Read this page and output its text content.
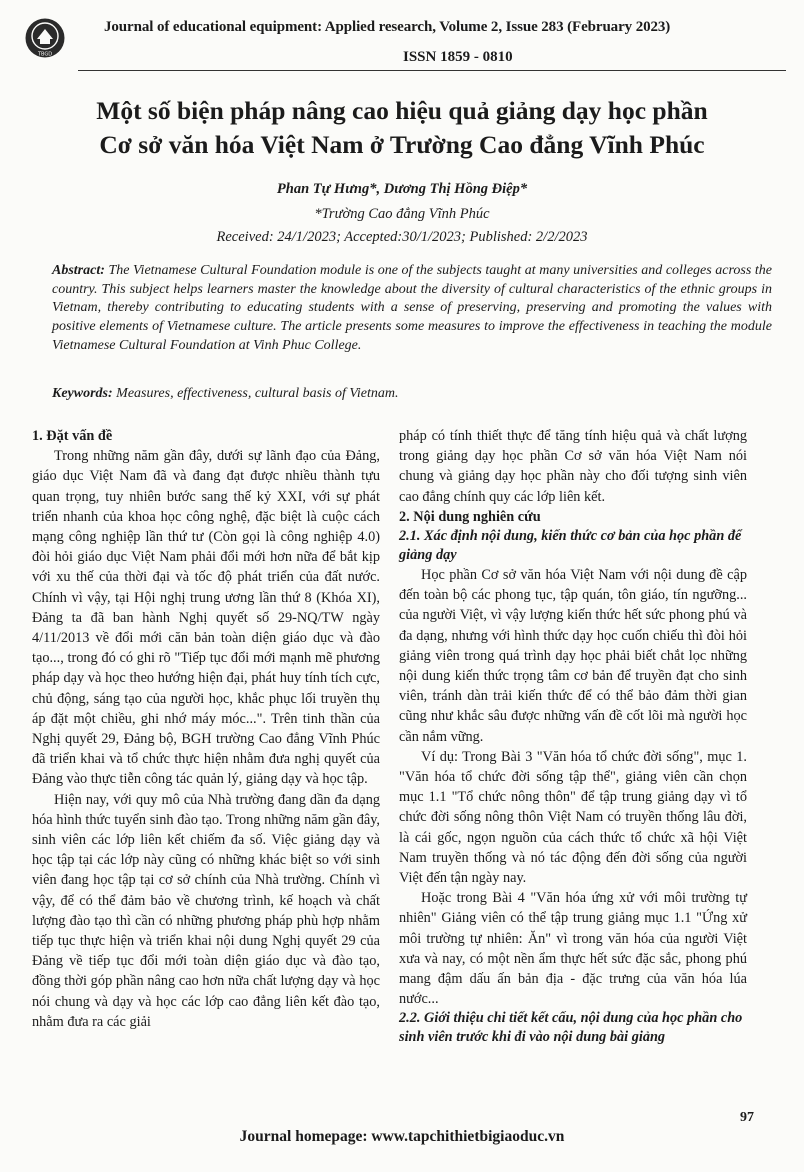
TBGD
Journal of educational equipment: Applied research, Volume 2, Issue 283 (February 2023)
ISSN 1859 - 0810
Một số biện pháp nâng cao hiệu quả giảng dạy học phần
Cơ sở văn hóa Việt Nam ở Trường Cao đẳng Vĩnh Phúc
Phan Tự Hưng*, Dương Thị Hồng Điệp*
*Trường Cao đẳng Vĩnh Phúc
Received: 24/1/2023; Accepted:30/1/2023; Published: 2/2/2023
Abstract: The Vietnamese Cultural Foundation module is one of the subjects taught at many universities and colleges across the country. This subject helps learners master the knowledge about the diversity of cultural characteristics of the ethnic groups in Vietnam, thereby contributing to educating students with a sense of preserving, preserving and promoting the values with positive elements of Vietnamese culture. The article presents some measures to improve the effectiveness in teaching the module Vietnamese Cultural Foundation at Vinh Phuc College.
Keywords: Measures, effectiveness, cultural basis of Vietnam.
1. Đặt vấn đề

Trong những năm gần đây, dưới sự lãnh đạo của Đảng, giáo dục Việt Nam đã và đang đạt được nhiều thành tựu quan trọng, tuy nhiên bước sang thế kỷ XXI, với sự phát triển nhanh của khoa học công nghệ, đặc biệt là cuộc cách mạng công nghiệp lần thứ tư (Còn gọi là công nghiệp 4.0) đòi hỏi giáo dục Việt Nam phải đổi mới hơn nữa để bắt kịp với xu thế của thời đại và tốc độ phát triển của đất nước. Chính vì vậy, tại Hội nghị trung ương lần thứ 8 (Khóa XI), Đảng ta đã ban hành Nghị quyết số 29-NQ/TW ngày 4/11/2013 về đổi mới căn bản toàn diện giáo dục và đào tạo..., trong đó có ghi rõ "Tiếp tục đổi mới mạnh mẽ phương pháp dạy và học theo hướng hiện đại, phát huy tính tích cực, chủ động, sáng tạo của người học, khắc phục lối truyền thụ áp đặt một chiều, ghi nhớ máy móc...". Trên tinh thần của Nghị quyết 29, Đảng bộ, BGH trường Cao đẳng Vĩnh Phúc đã triển khai và tổ chức thực hiện nhằm đưa nghị quyết của Đảng vào thực tiễn công tác quản lý, giảng dạy và học tập.

Hiện nay, với quy mô của Nhà trường đang dần đa dạng hóa hình thức tuyển sinh đào tạo. Trong những năm gần đây, sinh viên các lớp liên kết chiếm đa số. Việc giảng dạy và học tập tại các lớp này cũng có những khác biệt so với sinh viên đang học tập tại cơ sở chính của Nhà trường. Chính vì vậy, để có thể đảm bảo về chương trình, kế hoạch và chất lượng đào tạo thì cần có những phương pháp phù hợp nhằm tiếp tục thực hiện và triển khai nội dung Nghị quyết 29 của Đảng về tiếp tục đổi mới toàn diện giáo dục và đào tạo, đồng thời góp phần nâng cao hơn nữa chất lượng dạy và học nói chung và dạy và học các lớp cao đẳng liên kết đào tạo, nhằm đưa ra các giải

pháp có tính thiết thực để tăng tính hiệu quả và chất lượng trong giảng dạy học phần Cơ sở văn hóa Việt Nam nói chung và giảng dạy học phần này cho đối tượng sinh viên cao đẳng chính quy các lớp liên kết.

2. Nội dung nghiên cứu
2.1. Xác định nội dung, kiến thức cơ bản của học phần để giảng dạy

Học phần Cơ sở văn hóa Việt Nam với nội dung đề cập đến toàn bộ các phong tục, tập quán, tôn giáo, tín ngưỡng... của người Việt, vì vậy lượng kiến thức hết sức phong phú và đa dạng, nhưng với hình thức dạy học cuốn chiếu thì đòi hỏi giảng viên trong quá trình dạy học phải biết chắt lọc những nội dung kiến thức trọng tâm cơ bản để truyền đạt cho sinh viên, tránh dàn trải kiến thức để có thể bảo đảm thời gian cũng như khắc sâu được những vấn đề cốt lõi mà người học cần nắm vững.

Ví dụ: Trong Bài 3 "Văn hóa tổ chức đời sống", mục 1. "Văn hóa tổ chức đời sống tập thể", giảng viên cần chọn mục 1.1 "Tổ chức nông thôn" để tập trung giảng dạy vì tổ chức đời sống nông thôn Việt Nam có truyền thống lâu đời, là cái gốc, ngọn nguồn của cách thức tổ chức xã hội Việt Nam truyền thống và nó tác động đến đời sống của người Việt đến tận ngày nay.

Hoặc trong Bài 4 "Văn hóa ứng xử với môi trường tự nhiên" Giảng viên có thể tập trung giảng mục 1.1 "Ứng xử môi trường tự nhiên: Ăn" vì trong văn hóa của người Việt xưa và nay, có một nền ẩm thực hết sức đặc sắc, phong phú mang đậm dấu ấn bản địa - đặc trưng của văn hóa lúa nước...

2.2. Giới thiệu chi tiết kết cấu, nội dung của học phần cho sinh viên trước khi đi vào nội dung bài giảng
97
Journal homepage: www.tapchithietbigiaoduc.vn
